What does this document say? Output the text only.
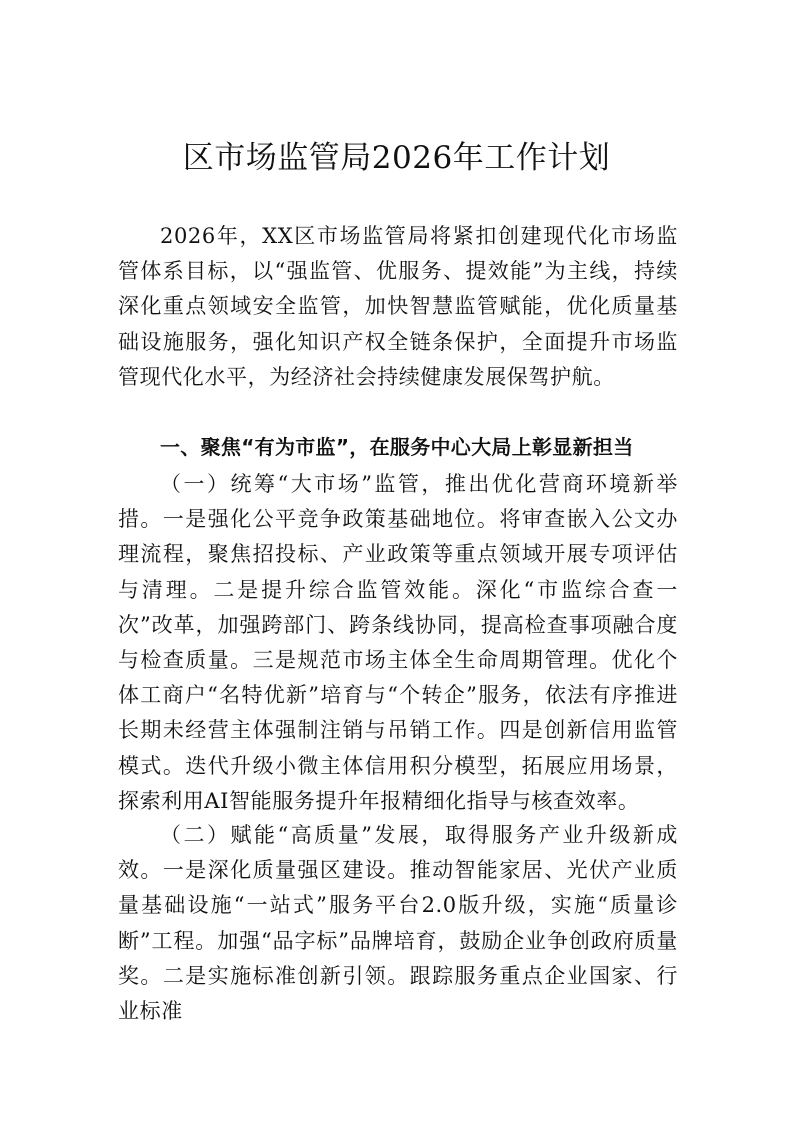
区市场监管局2026年工作计划

2026年，XX区市场监管局将紧扣创建现代化市场监管体系目标，以“强监管、优服务、提效能”为主线，持续深化重点领域安全监管，加快智慧监管赋能，优化质量基础设施服务，强化知识产权全链条保护，全面提升市场监管现代化水平，为经济社会持续健康发展保驾护航。

一、聚焦“有为市监”，在服务中心大局上彰显新担当

（一）统筹“大市场”监管，推出优化营商环境新举措。一是强化公平竞争政策基础地位。将审查嵌入公文办理流程，聚焦招投标、产业政策等重点领域开展专项评估与清理。二是提升综合监管效能。深化“市监综合查一次”改革，加强跨部门、跨条线协同，提高检查事项融合度与检查质量。三是规范市场主体全生命周期管理。优化个体工商户“名特优新”培育与“个转企”服务，依法有序推进长期未经营主体强制注销与吊销工作。四是创新信用监管模式。迭代升级小微主体信用积分模型，拓展应用场景，探索利用AI智能服务提升年报精细化指导与核查效率。

（二）赋能“高质量”发展，取得服务产业升级新成效。一是深化质量强区建设。推动智能家居、光伏产业质量基础设施“一站式”服务平台2.0版升级，实施“质量诊断”工程。加强“品字标”品牌培育，鼓励企业争创政府质量奖。二是实施标准创新引领。跟踪服务重点企业国家、行业标准
